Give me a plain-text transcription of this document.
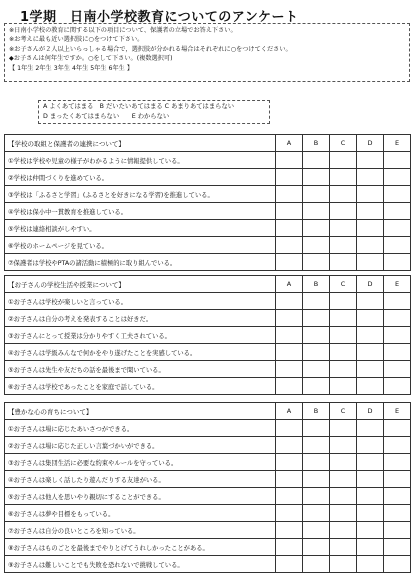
1学期　日南小学校教育についてのアンケート
※日南小学校の教育に関する以下の項目について、保護者の立場でお答え下さい。
※お考えに最も近い選択肢に○をつけて下さい。
※お子さんが２人以上いらっしゃる場合で，選択肢が分かれる場合はそれぞれに○をつけてください。
◆お子さんは何年生ですか。○をして下さい。(複数選択可)
【 1年生 2年生 3年生 4年生 5年生 6年生 】
A よくあてはまる　B だいたいあてはまる C あまりあてはまらない
D まったくあてはまらない　　E わからない
【学校の取組と保護者の連携について】	A	B	C	D	E
①学校は学校や児童の様子がわかるように情報提供している。					
②学校は仲間づくりを進めている。					
③学校は「ふるさと学習」(ふるさとを好きになる学習)を推進している。					
④学校は保小中一貫教育を推進している。					
⑤学校は連絡相談がしやすい。					
⑥学校のホームページを見ている。					
⑦保護者は学校やPTAの諸活動に積極的に取り組んでいる。					
【お子さんの学校生活や授業について】	A	B	C	D	E
①お子さんは学校が楽しいと言っている。					
②お子さんは自分の考えを発表することは好きだ。					
③お子さんにとって授業は分かりやすく工夫されている。					
④お子さんは学級みんなで何かをやり遂げたことを実感している。					
⑤お子さんは先生や友だちの話を最後まで聞いている。					
⑥お子さんは学校であったことを家庭で話している。					
【豊かな心の育ちについて】	A	B	C	D	E
①お子さんは場に応じたあいさつができる。					
②お子さんは場に応じた正しい言葉づかいができる。					
③お子さんは集団生活に必要な約束やルールを守っている。					
④お子さんは楽しく話したり遊んだりする友達がいる。					
⑤お子さんは他人を思いやり親切にすることができる。					
⑥お子さんは夢や目標をもっている。					
⑦お子さんは自分の良いところを知っている。					
⑧お子さんはものごとを最後までやりとげてうれしかったことがある。					
⑨お子さんは難しいことでも失敗を恐れないで挑戦している。					
